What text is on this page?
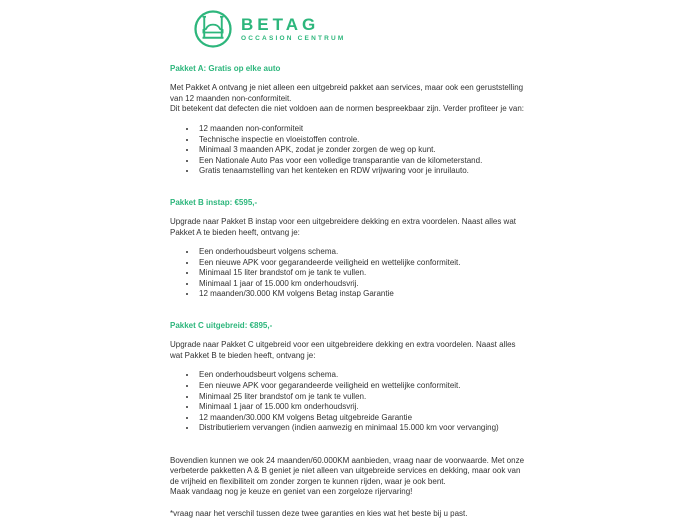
BETAG
OCCASION CENTRUM
Pakket A: Gratis op elke auto

Met Pakket A ontvang je niet alleen een uitgebreid pakket aan services, maar ook een geruststelling van 12 maanden non-conformiteit.

Dit betekent dat defecten die niet voldoen aan de normen bespreekbaar zijn. Verder profiteer je van:

• 12 maanden non-conformiteit
• Technische inspectie en vloeistoffen controle.
• Minimaal 3 maanden APK, zodat je zonder zorgen de weg op kunt.
• Een Nationale Auto Pas voor een volledige transparantie van de kilometerstand.
• Gratis tenaamstelling van het kenteken en RDW vrijwaring voor je inruilauto.
Pakket B instap: €595,-

Upgrade naar Pakket B instap voor een uitgebreidere dekking en extra voordelen. Naast alles wat Pakket A te bieden heeft, ontvang je:

• Een onderhoudsbeurt volgens schema.
• Een nieuwe APK voor gegarandeerde veiligheid en wettelijke conformiteit.
• Minimaal 15 liter brandstof om je tank te vullen.
• Minimaal 1 jaar of 15.000 km onderhoudsvrij.
• 12 maanden/30.000 KM volgens Betag instap Garantie
Pakket C uitgebreid: €895,-

Upgrade naar Pakket C uitgebreid voor een uitgebreidere dekking en extra voordelen. Naast alles wat Pakket B te bieden heeft, ontvang je:

• Een onderhoudsbeurt volgens schema.
• Een nieuwe APK voor gegarandeerde veiligheid en wettelijke conformiteit.
• Minimaal 25 liter brandstof om je tank te vullen.
• Minimaal 1 jaar of 15.000 km onderhoudsvrij.
• 12 maanden/30.000 KM volgens Betag uitgebreide Garantie
• Distributieriem vervangen (indien aanwezig en minimaal 15.000 km voor vervanging)

Bovendien kunnen we ook 24 maanden/60.000KM aanbieden, vraag naar de voorwaarde. Met onze verbeterde pakketten A & B geniet je niet alleen van uitgebreide services en dekking, maar ook van de vrijheid en flexibiliteit om zonder zorgen te kunnen rijden, waar je ook bent.

Maak vandaag nog je keuze en geniet van een zorgeloze rijervaring!

*vraag naar het verschil tussen deze twee garanties en kies wat het beste bij u past.
